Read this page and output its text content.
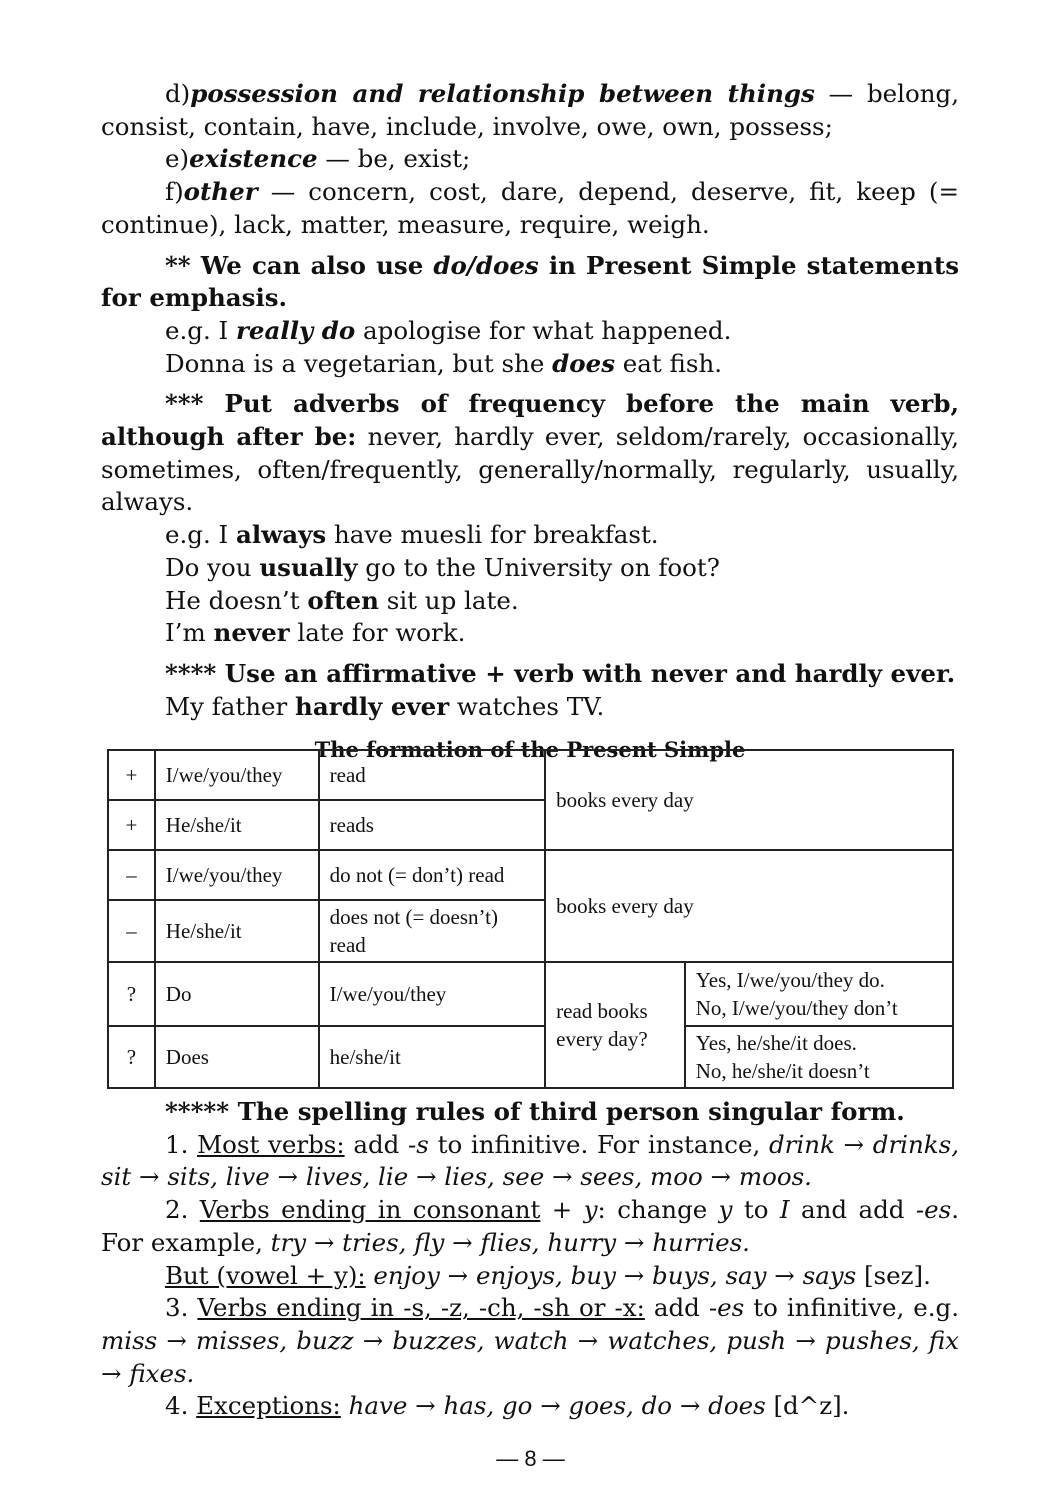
d)possession and relationship between things — belong, consist, contain, have, include, involve, owe, own, possess;

e)existence — be, exist;

f)other — concern, cost, dare, depend, deserve, fit, keep (= continue), lack, matter, measure, require, weigh.

** We can also use do/does in Present Simple statements for emphasis.

e.g. I really do apologise for what happened.

Donna is a vegetarian, but she does eat fish.

*** Put adverbs of frequency before the main verb, although after be: never, hardly ever, seldom/rarely, occasionally, sometimes, often/frequently, generally/normally, regularly, usually, always.

e.g. I always have muesli for breakfast.

Do you usually go to the University on foot?

He doesn’t often sit up late.

I’m never late for work.

**** Use an affirmative + verb with never and hardly ever.

My father hardly ever watches TV.

The formation of the Present Simple
+	I/we/you/they	read	books every day	
+	He/she/it	reads		
–	I/we/you/they	do not (= don’t) read	books every day	
–	He/she/it	does not (= doesn’t) read		
?	Do	I/we/you/they	read books every day?	Yes, I/we/you/they do.
No, I/we/you/they don’t

?	Does	he/she/it		Yes, he/she/it does.
No, he/she/it doesn’t

***** The spelling rules of third person singular form.

1. Most verbs: add -s to infinitive. For instance, drink → drinks, sit → sits, live → lives, lie → lies, see → sees, moo → moos.

2. Verbs ending in consonant + y: change y to I and add -es. For example, try → tries, fly → flies, hurry → hurries.

But (vowel + y): enjoy → enjoys, buy → buys, say → says [sez].

3. Verbs ending in -s, -z, -ch, -sh or -x: add -es to infinitive, e.g. miss → misses, buzz → buzzes, watch → watches, push → pushes, fix → fixes.

4. Exceptions: have → has, go → goes, do → does [d^z].

— 8 —
